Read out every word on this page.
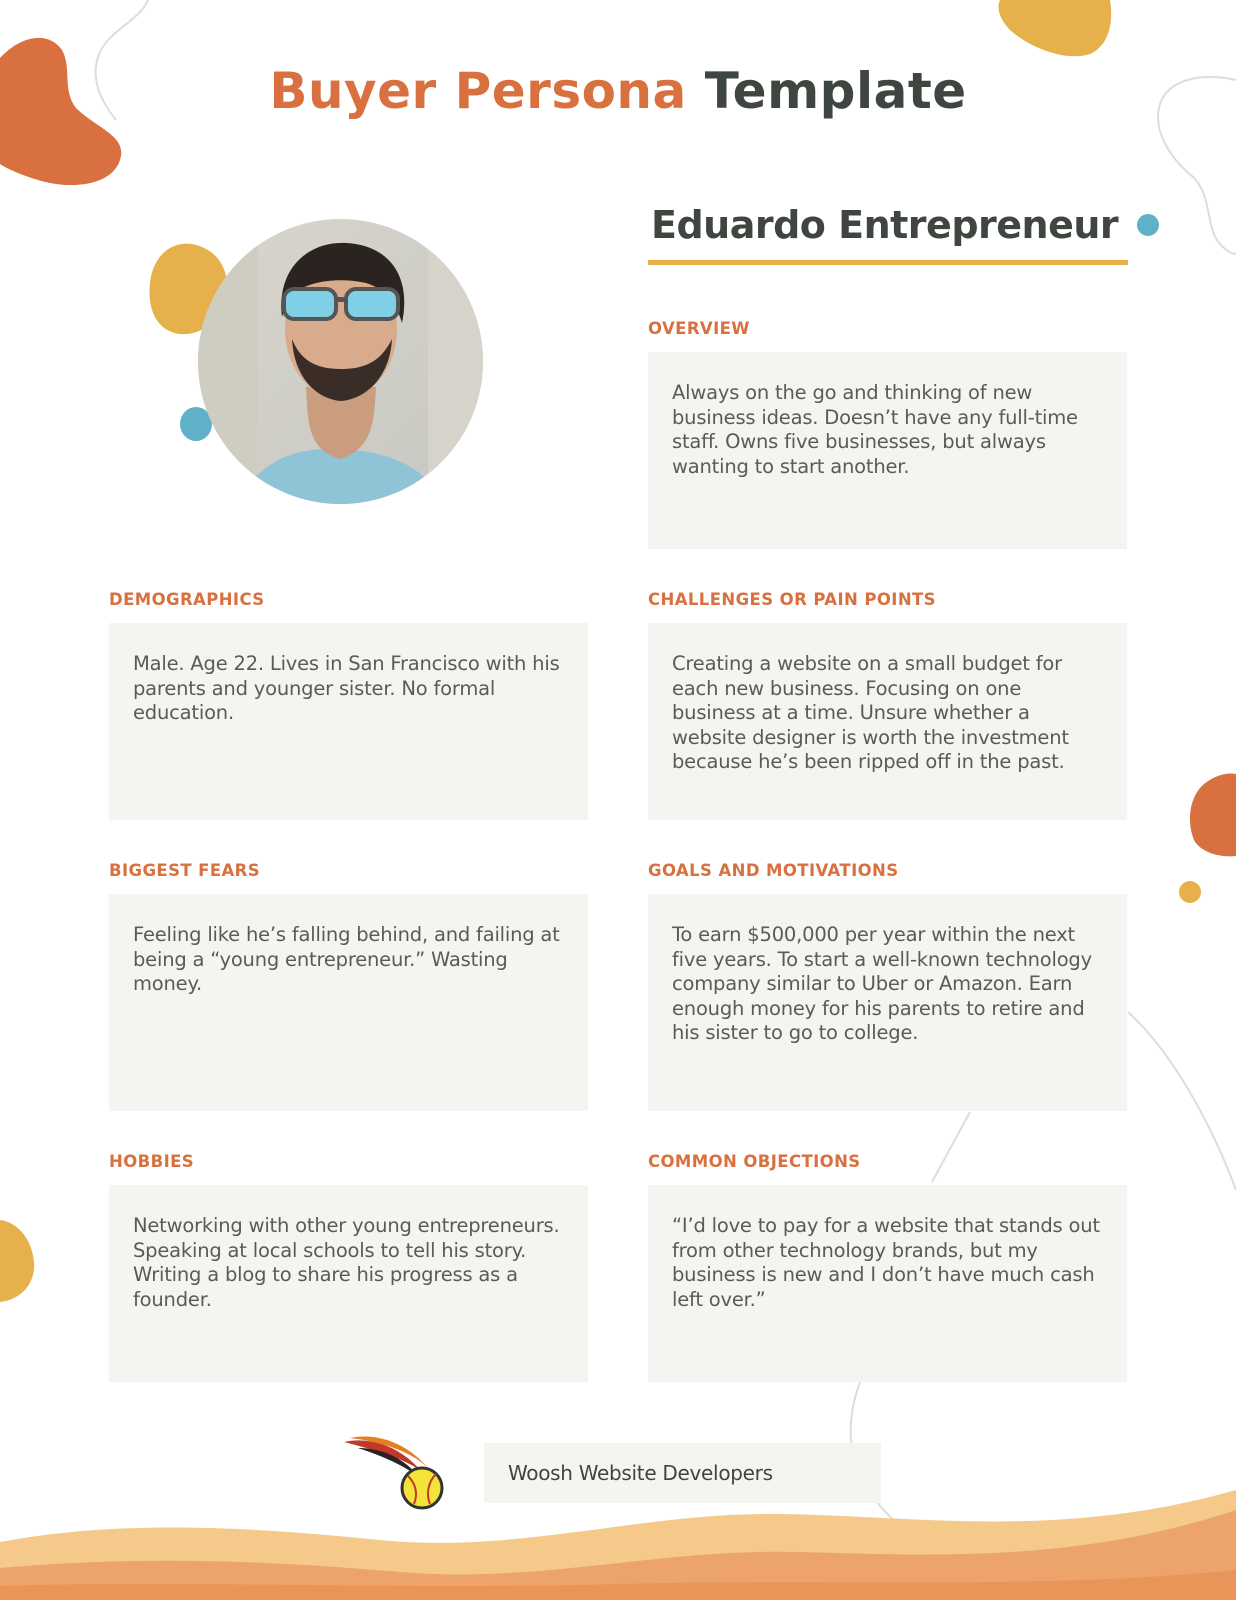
Buyer Persona Template
Eduardo Entrepreneur
OVERVIEW

Always on the go and thinking of new business ideas. Doesn’t have any full-time staff. Owns five businesses, but always wanting to start another.

DEMOGRAPHICS

Male. Age 22. Lives in San Francisco with his parents and younger sister. No formal education.

CHALLENGES OR PAIN POINTS

Creating a website on a small budget for each new business. Focusing on one business at a time. Unsure whether a website designer is worth the investment because he’s been ripped off in the past.

BIGGEST FEARS

Feeling like he’s falling behind, and failing at being a “young entrepreneur.” Wasting money.

GOALS AND MOTIVATIONS

To earn $500,000 per year within the next five years. To start a well-known technology company similar to Uber or Amazon. Earn enough money for his parents to retire and his sister to go to college.

HOBBIES

Networking with other young entrepreneurs. Speaking at local schools to tell his story. Writing a blog to share his progress as a founder.

COMMON OBJECTIONS

“I’d love to pay for a website that stands out from other technology brands, but my business is new and I don’t have much cash left over.”

Woosh Website Developers
